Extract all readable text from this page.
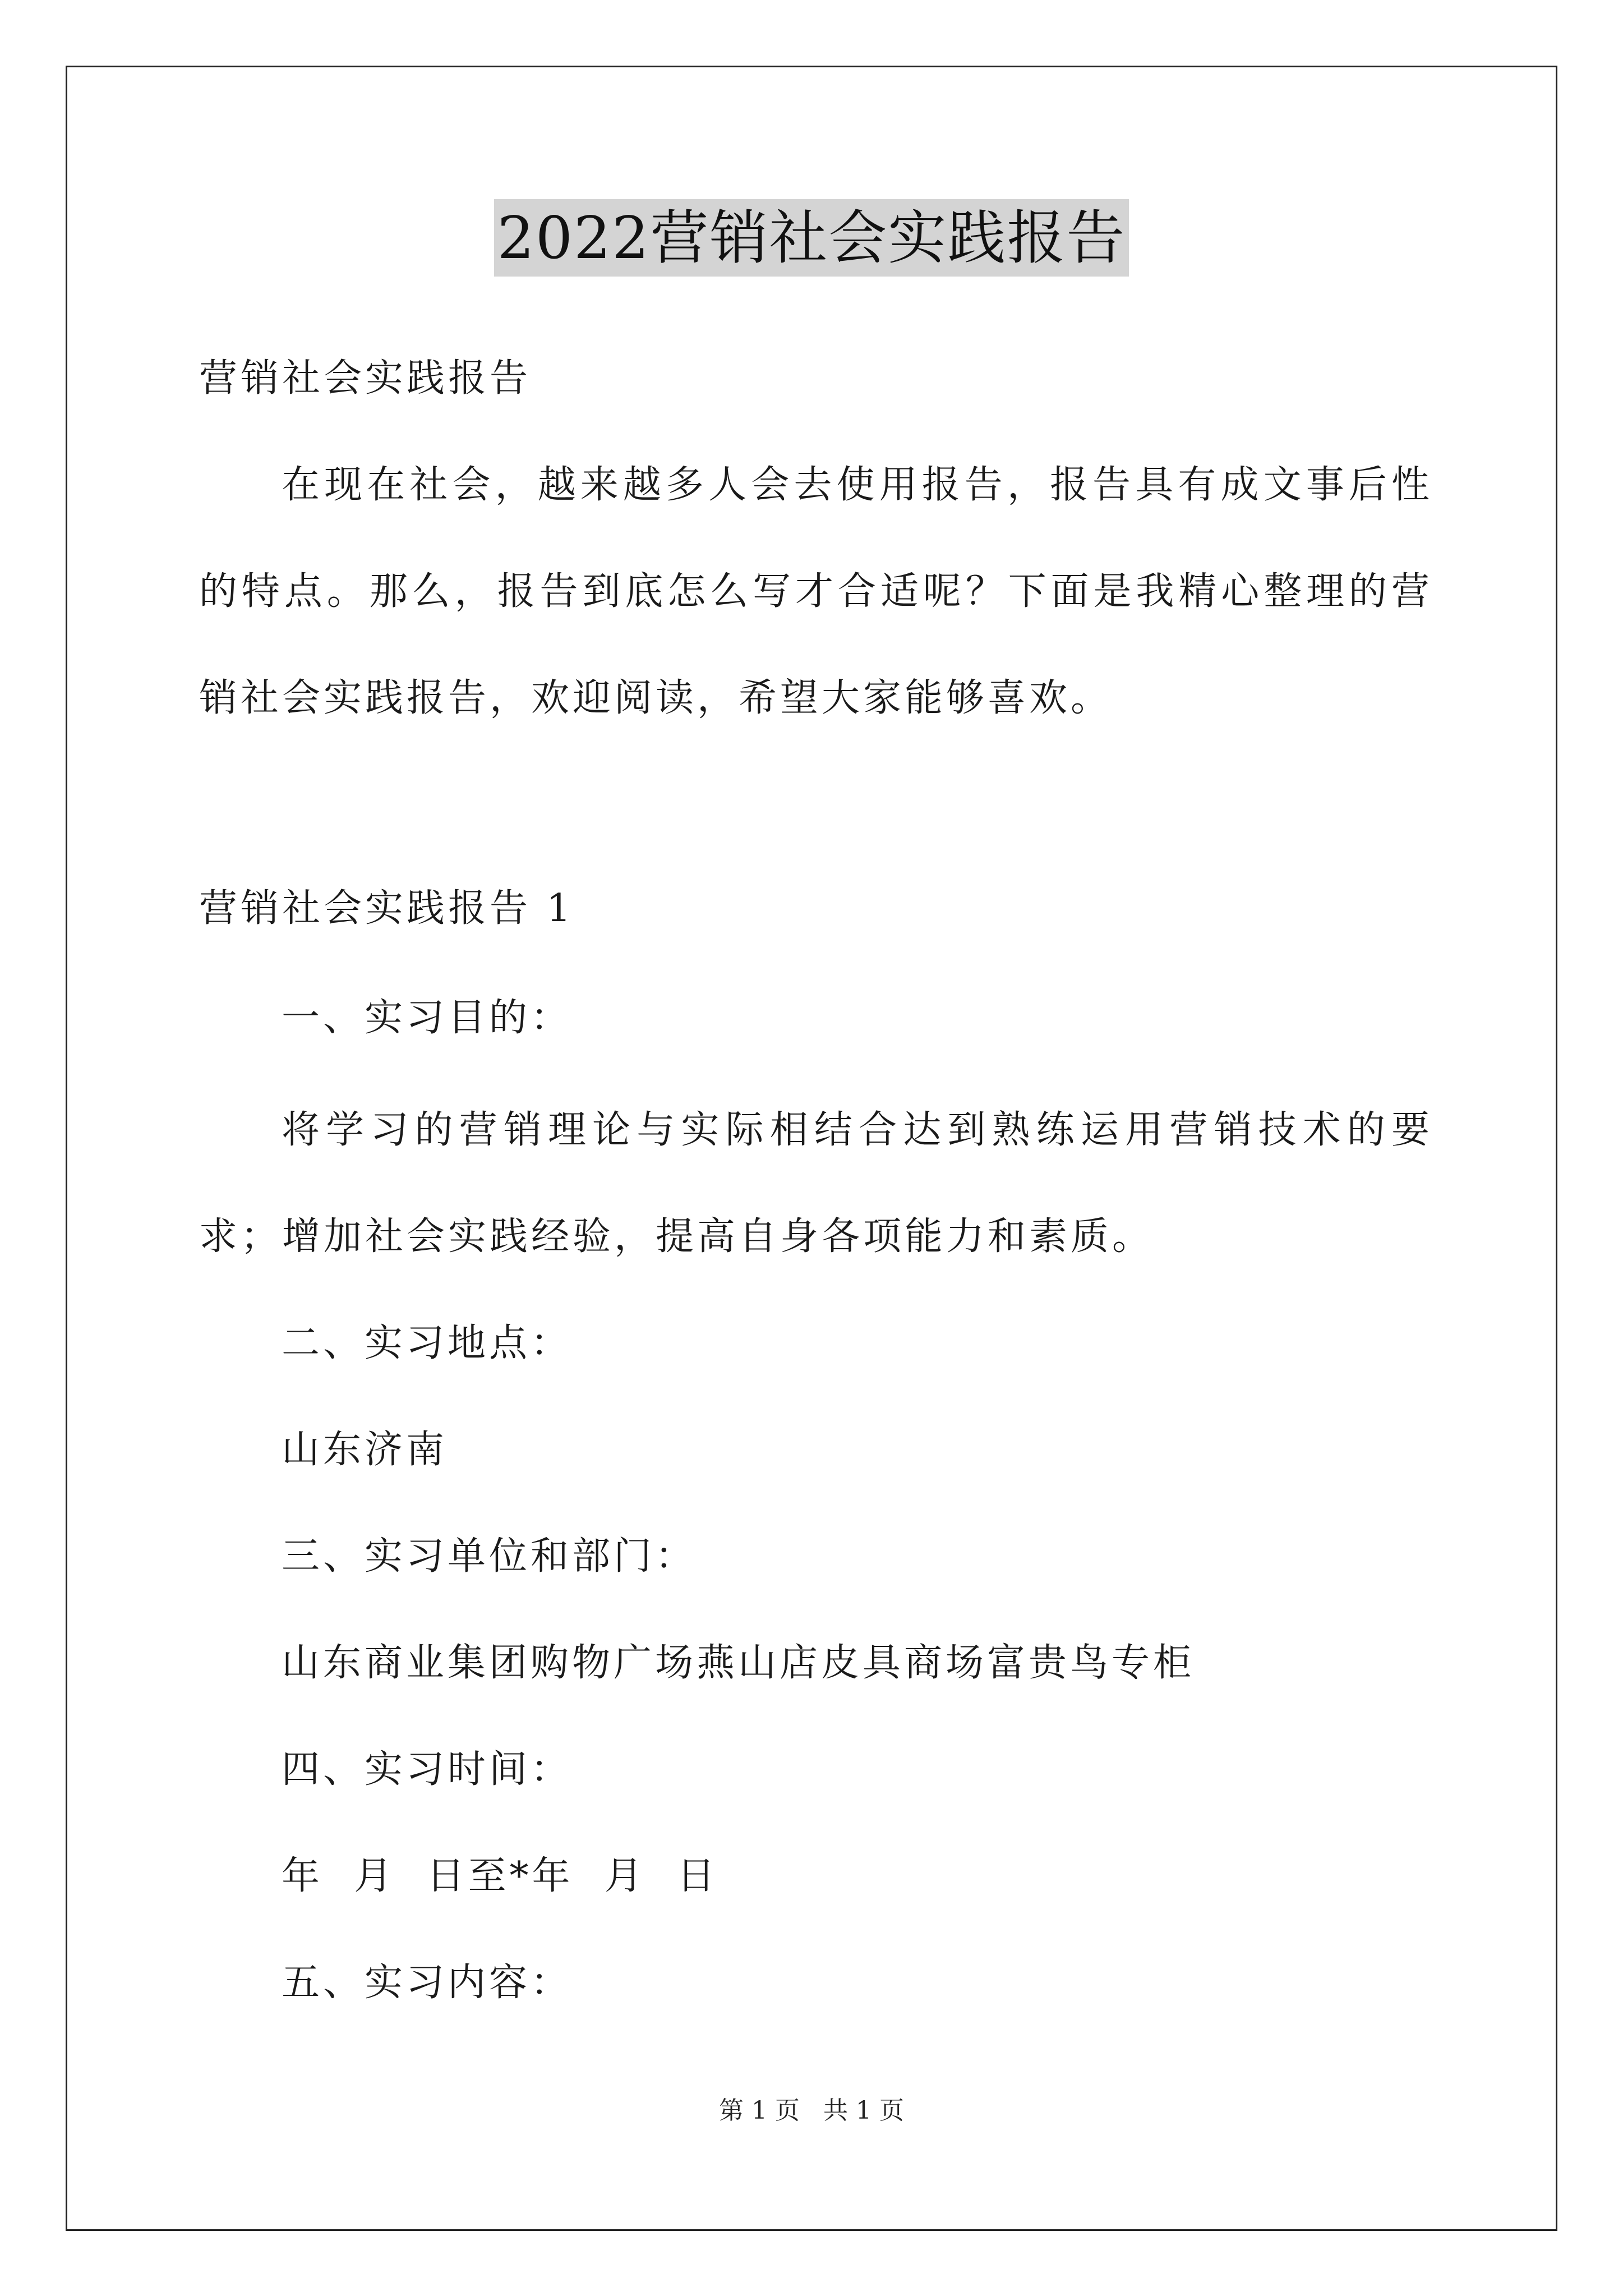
2022营销社会实践报告
营销社会实践报告
在现在社会，越来越多人会去使用报告，报告具有成文事后性的特点。那么，报告到底怎么写才合适呢？下面是我精心整理的营销社会实践报告，欢迎阅读，希望大家能够喜欢。
营销社会实践报告 1
一、实习目的：
将学习的营销理论与实际相结合达到熟练运用营销技术的要求；增加社会实践经验，提高自身各项能力和素质。
二、实习地点：
山东济南
三、实习单位和部门：
山东商业集团购物广场燕山店皮具商场富贵鸟专柜
四、实习时间：
年  月  日至*年  月  日
五、实习内容：
第 1 页   共 1 页
